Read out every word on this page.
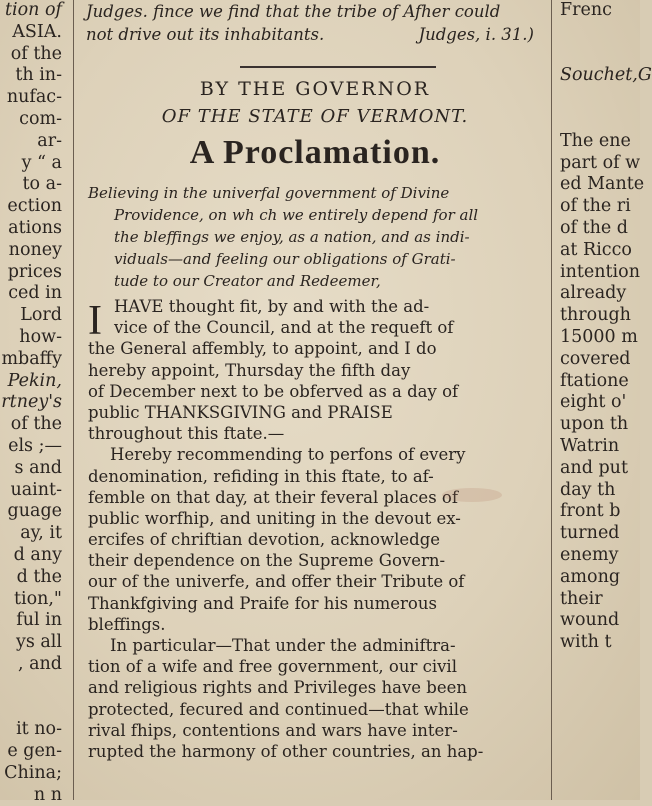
tion of
ASIA.
of the
th in-
nufac-
com-
ar-
y “ a
to a-
ection
ations
noney
prices
ced in
Lord
how-
mbaffy
Pekin,
rtney's
of the
els ;—
s and
uaint-
guage
ay, it
d any
d the
tion,"
ful in
ys all
, and
it no-
e gen-
China;
n n
Judges. fince we find that the tribe of Afher could
not drive out its inhabitants.	Judges, i. 31.)
BY THE GOVERNOR
OF THE STATE OF VERMONT.
A Proclamation.
Believing in the univerfal government of Divine
Providence, on wh ch we entirely depend for all
the bleffings we enjoy, as a nation, and as indi-
viduals—and feeling our obligations of Grati-
tude to our Creator and Redeemer,
I HAVE thought fit, by and with the ad-
vice of the Council, and at the requeft of
the General affembly, to appoint, and I do
hereby appoint, Thursday the fifth day
of December next to be obferved as a day of
public THANKSGIVING and PRAISE
throughout this ftate.—
Hereby recommending to perfons of every
denomination, refiding in this ftate, to af-
femble on that day, at their feveral places of
public worfhip, and uniting in the devout ex-
ercifes of chriftian devotion, acknowledge
their dependence on the Supreme Govern-
our of the univerfe, and offer their Tribute of
Thankfgiving and Praife for his numerous
bleffings.
In particular—That under the adminiftra-
tion of a wife and free government, our civil
and religious rights and Privileges have been
protected, fecured and continued—that while
rival fhips, contentions and wars have inter-
rupted the harmony of other countries, an hap-
Frenc
Souchet,G
The ene
part of w
ed Mante
of the ri
of the d
at Ricco
intention
already
through
15000 m
covered
ftatione
eight o'
upon th
Watrin
and put
day th
front b
turned
enemy
among
their
wound
with t
